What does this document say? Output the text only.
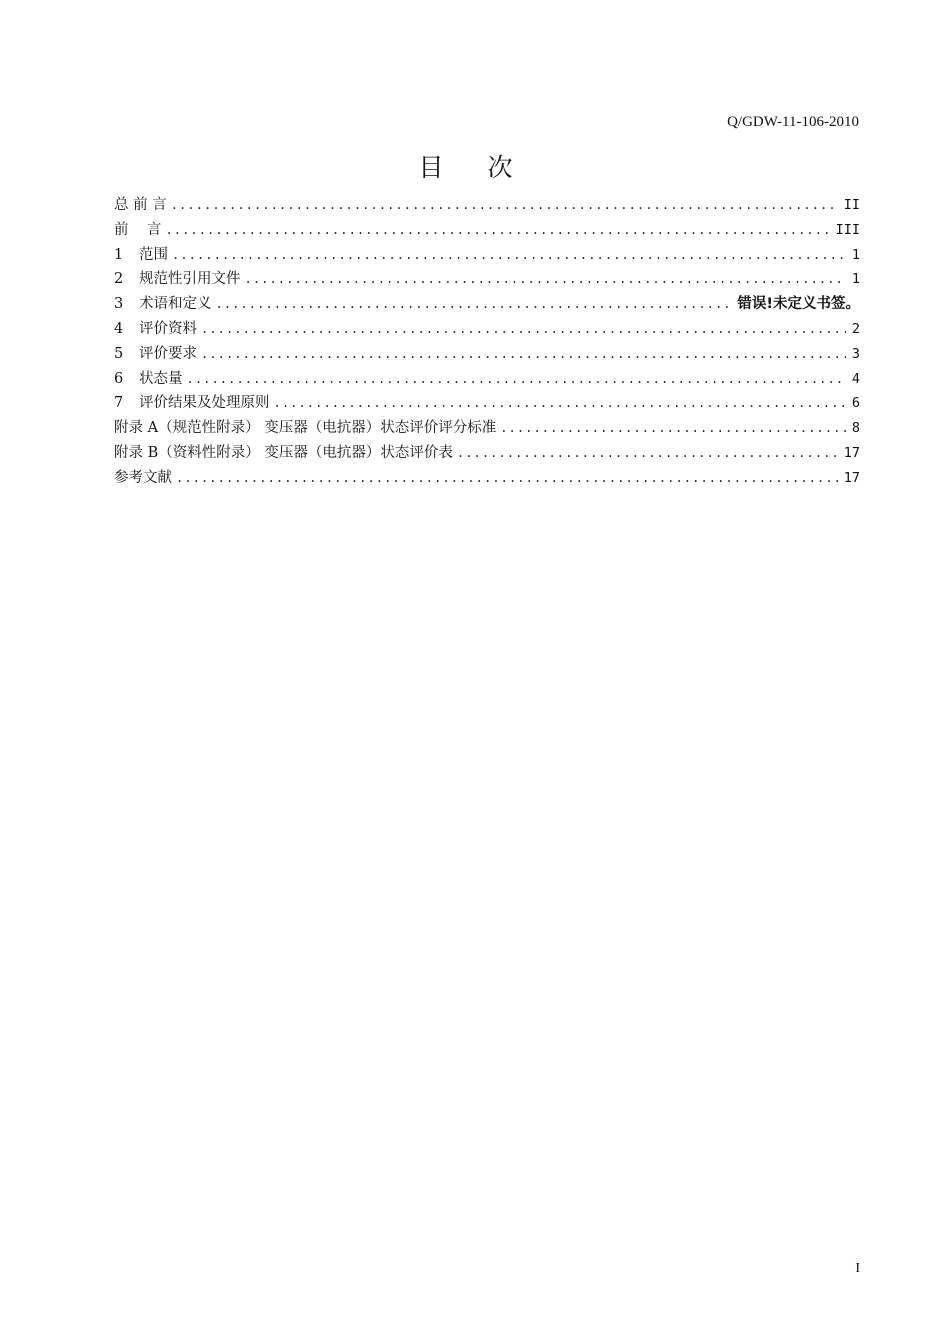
Q/GDW-11-106-2010
目次
总 前 言 .....	II
前    言 .....	III
1 范围 .....	1
2 规范性引用文件 .....	1
3 术语和定义 .....	错误!未定义书签。
4 评价资料 .....	2
5 评价要求 .....	3
6 状态量 .....	4
7 评价结果及处理原则 .....	6
附录 A（规范性附录） 变压器（电抗器）状态评价评分标准 .....	8
附录 B（资料性附录） 变压器（电抗器）状态评价表 .....	17
参考文献 .....	17
I
